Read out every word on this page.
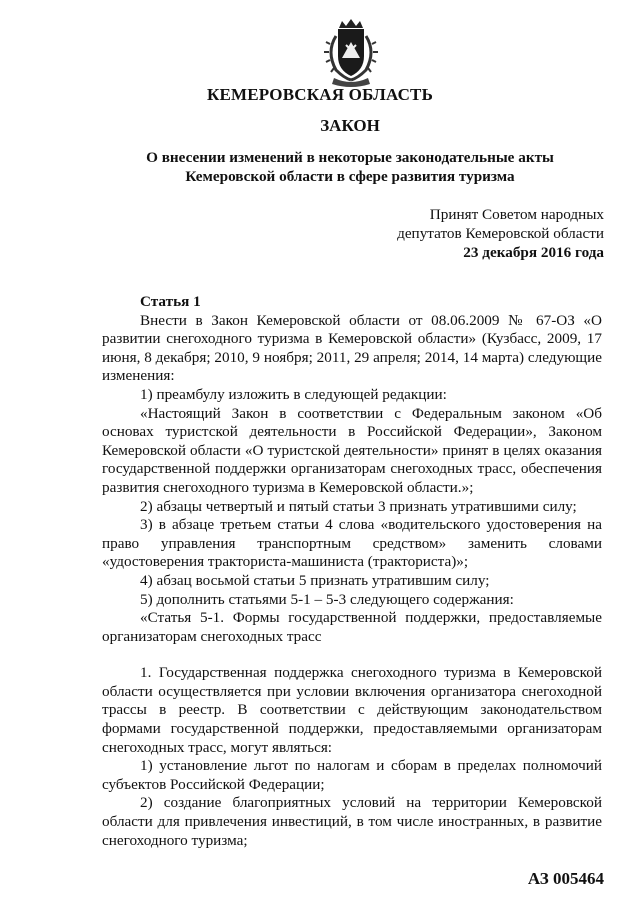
КЕМЕРОВСКАЯ ОБЛАСТЬ
ЗАКОН
О внесении изменений в некоторые законодательные акты
Кемеровской области в сфере развития туризма
Принят Советом народных
депутатов Кемеровской области
23 декабря 2016 года

Статья 1

Внести в Закон Кемеровской области от 08.06.2009 № 67-ОЗ «О развитии снегоходного туризма в Кемеровской области» (Кузбасс, 2009, 17 июня, 8 декабря; 2010, 9 ноября; 2011, 29 апреля; 2014, 14 марта) следующие изменения:

1) преамбулу изложить в следующей редакции:

«Настоящий Закон в соответствии с Федеральным законом «Об основах туристской деятельности в Российской Федерации», Законом Кемеровской области «О туристской деятельности» принят в целях оказания государственной поддержки организаторам снегоходных трасс, обеспечения развития снегоходного туризма в Кемеровской области.»;

2) абзацы четвертый и пятый статьи 3 признать утратившими силу;

3) в абзаце третьем статьи 4 слова «водительского удостоверения на право управления транспортным средством» заменить словами «удостоверения тракториста-машиниста (тракториста)»;

4) абзац восьмой статьи 5 признать утратившим силу;

5) дополнить статьями 5-1 – 5-3 следующего содержания:

«Статья 5-1. Формы государственной поддержки, предоставляемые организаторам снегоходных трасс

1. Государственная поддержка снегоходного туризма в Кемеровской области осуществляется при условии включения организатора снегоходной трассы в реестр. В соответствии с действующим законодательством формами государственной поддержки, предоставляемыми организаторам снегоходных трасс, могут являться:

1) установление льгот по налогам и сборам в пределах полномочий субъектов Российской Федерации;

2) создание благоприятных условий на территории Кемеровской области для привлечения инвестиций, в том числе иностранных, в развитие снегоходного туризма;

АЗ 005464
